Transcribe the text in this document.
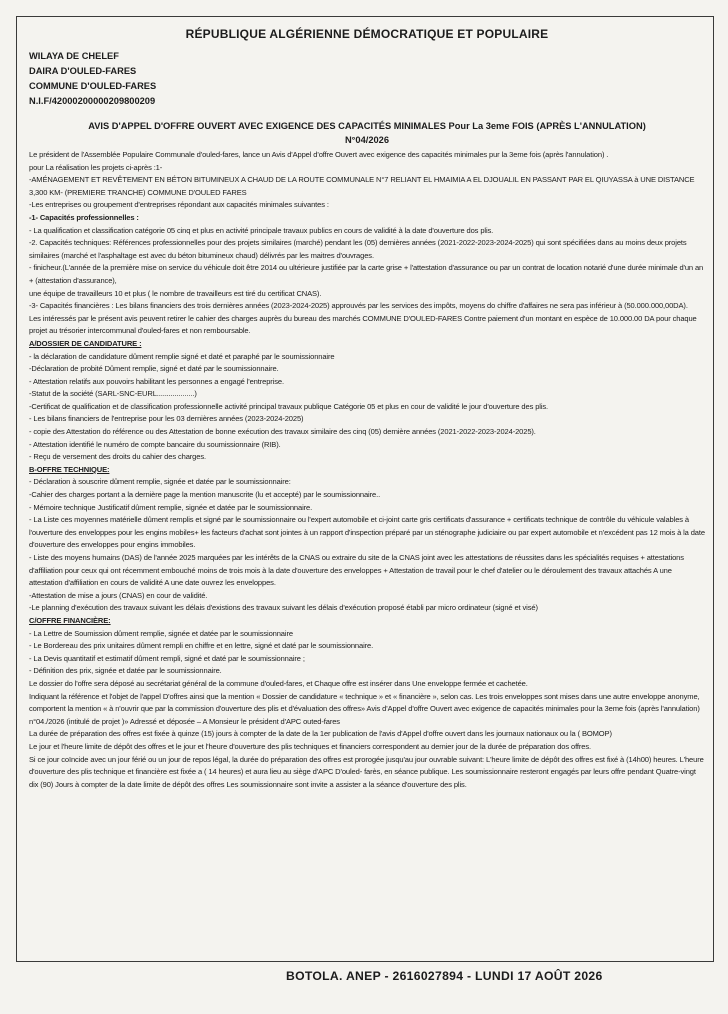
RÉPUBLIQUE ALGÉRIENNE DÉMOCRATIQUE ET POPULAIRE
WILAYA DE CHELEF
DAIRA D'OULED-FARES
COMMUNE D'OULED-FARES
N.I.F/42000200000209800209
AVIS D'APPEL D'OFFRE OUVERT AVEC EXIGENCE DES CAPACITÉS MINIMALES Pour La 3eme FOIS (APRÈS L'ANNULATION)
N°04/2026

Le président de l'Assemblée Populaire Communale d'ouled-fares, lance un Avis d'Appel d'offre Ouvert avec exigence des capacités minimales pur la 3eme fois (après l'annulation) .

pour La réalisation les projets ci-après :1-

-AMÉNAGEMENT ET REVÊTEMENT EN BÉTON BITUMINEUX A CHAUD DE LA ROUTE COMMUNALE N°7 RELIANT EL HMAIMIA A EL DJOUALIL EN PASSANT PAR EL QIUYASSA à UNE DISTANCE 3,300 KM- (PREMIERE TRANCHE) COMMUNE D'OULED FARES

-Les entreprises ou groupement d'entreprises répondant aux capacités minimales suivantes :

-1- Capacités professionnelles :

- La qualification et classification catégorie 05 cinq et plus en activité principale travaux publics en cours de validité à la date d'ouverture dos plis.

-2. Capacités techniques: Références professionnelles pour des projets similaires (marché) pendant les (05) dernières années (2021-2022-2023-2024-2025) qui sont spécifiées dans au moins deux projets similaires (marché et l'asphaltage est avec du béton bitumineux chaud) délivrés par les maitres d'ouvrages.

- finicheur.(L'année de la première mise on service du véhicule doit être 2014 ou ultérieure justifiée par la carte grise + l'attestation d'assurance ou par un contrat de location notarié d'une durée minimale d'un an + (attestation d'assurance),

une équipe de travailleurs 10 et plus ( le nombre de travailleurs est tiré du certificat CNAS).

-3- Capacités financières : Les bilans financiers des trois dernières années (2023-2024-2025) approuvés par les services des impôts, moyens do chiffre d'affaires ne sera pas inférieur à (50.000.000,00DA).

Les intéressés par le présent avis peuvent retirer le cahier des charges auprès du bureau des marchés COMMUNE D'OULED-FARES Contre paiement d'un montant en espèce de 10.000.00 DA pour chaque projet au trésorier intercommunal d'ouled-fares et non remboursable.

A/DOSSIER DE CANDIDATURE :

- la déclaration de candidature dûment remplie signé et daté et paraphé par le soumissionnaire

-Déclaration de probité Dûment remplie, signé et daté par le soumissionnaire.

- Attestation relatifs aux pouvoirs habilitant les personnes a engagé l'entreprise.

-Statut de la société (SARL-SNC-EURL...................)

-Certificat de qualification et de classification professionnelle activité principal travaux publique Catégorie 05 et plus en cour de validité le jour d'ouverture des plis.

- Les bilans financiers de l'entreprise pour les 03 dernières années (2023-2024-2025)

- copie des Attestation do référence ou des Attestation de bonne exécution des travaux similaire des cinq (05) dernière années (2021-2022-2023-2024-2025).

- Attestation identifié le numéro de compte bancaire du soumissionnaire (RIB).

- Reçu de versement des droits du cahier des charges.

B-OFFRE TECHNIQUE:

- Déclaration à souscrire dûment remplie, signée et datée par le soumissionnaire:

-Cahier des charges portant a la dernière page la mention manuscrite (lu et accepté) par le soumissionnaire..

- Mémoire technique Justificatif dûment remplie, signée et datée par le soumissionnaire.

- La Liste ces moyennes matérielle dûment remplis et signé par le soumissionnaire ou l'expert automobile et ci-joint carte gris certificats d'assurance + certificats technique de contrôle du véhicule valables à l'ouverture des enveloppes pour les engins mobiles+ les facteurs d'achat sont jointes à un rapport d'inspection préparé par un sténographe judiciaire ou par expert automobile et n'excédent pas 12 mois à la date d'ouverture des enveloppes pour engins immobiles.

- Liste des moyens humains (DAS) de l'année 2025 marquées par les intérêts de la CNAS ou extraire du site de la CNAS joint avec les attestations de réussites dans les spécialités requises + attestations d'affiliation pour ceux qui ont récemment embouché moins de trois mois à la date d'ouverture des enveloppes + Attestation de travail pour le chef d'atelier ou le déroulement des travaux attachés A une attestation d'affiliation en cours de validité A une date ouvrez les enveloppes.

-Attestation de mise a jours (CNAS) en cour de validité.

-Le planning d'exécution des travaux suivant les délais d'existions des travaux suivant les délais d'exécution proposé établi par micro ordinateur (signé et visé)

C/OFFRE FINANCIÈRE:

- La Lettre de Soumission dûment remplie, signée et datée par le soumissionnaire

- Le Bordereau des prix unitaires dûment rempli en chiffre et en lettre, signé et daté par le soumissionnaire.

- La Devis quantitatif et estimatif dûment rempli, signé et daté par le soumissionnaire ;

- Définition des prix, signée et datée par le soumissionnaire.

Le dossier do l'offre sera déposé au secrétariat général de la commune d'ouled-fares, et Chaque offre est insérer dans Une enveloppe fermée et cachetée.

Indiquant la référence et l'objet de l'appel D'offres ainsi que la mention « Dossier de candidature « technique » et « financière », selon cas. Les trois enveloppes sont mises dans une autre enveloppe anonyme, comportent la mention « à n'ouvrir que par la commission d'ouverture des plis et d'évaluation des offres» Avis d'Appel d'offre Ouvert avec exigence de capacités minimales pour la 3eme fois (après l'annulation)

n°04./2026 (intitulé de projet )» Adressé et déposée – A Monsieur le président d'APC outed-fares

La durée de préparation des offres est fixée à quinze (15) jours à compter de la date de la 1er publication de l'avis d'Appel d'offre ouvert dans les journaux nationaux ou la ( BOMOP)

Le jour et l'heure limite de dépôt des offres et le jour et l'heure d'ouverture des plis techniques et financiers correspondent au dernier jour de la durée de préparation dos offres.

Si ce jour coïncide avec un jour férié ou un jour de repos légal, la durée do préparation des offres est prorogée jusqu'au jour ouvrable suivant: L'heure limite de dépôt des offres est fixé à (14h00) heures. L'heure d'ouverture des plis technique et financière est fixée a ( 14 heures) et aura lieu au siège d'APC D'ouled- farès, en séance publique. Les soumissionnaire resteront engagés par leurs offre pendant Quatre-vingt dix (90) Jours à compter de la date limite de dépôt des offres Les soumissionnaire sont invite a assister a la séance d'ouverture des plis.

BOTOLA. ANEP - 2616027894 - LUNDI 17 AOÛT 2026
